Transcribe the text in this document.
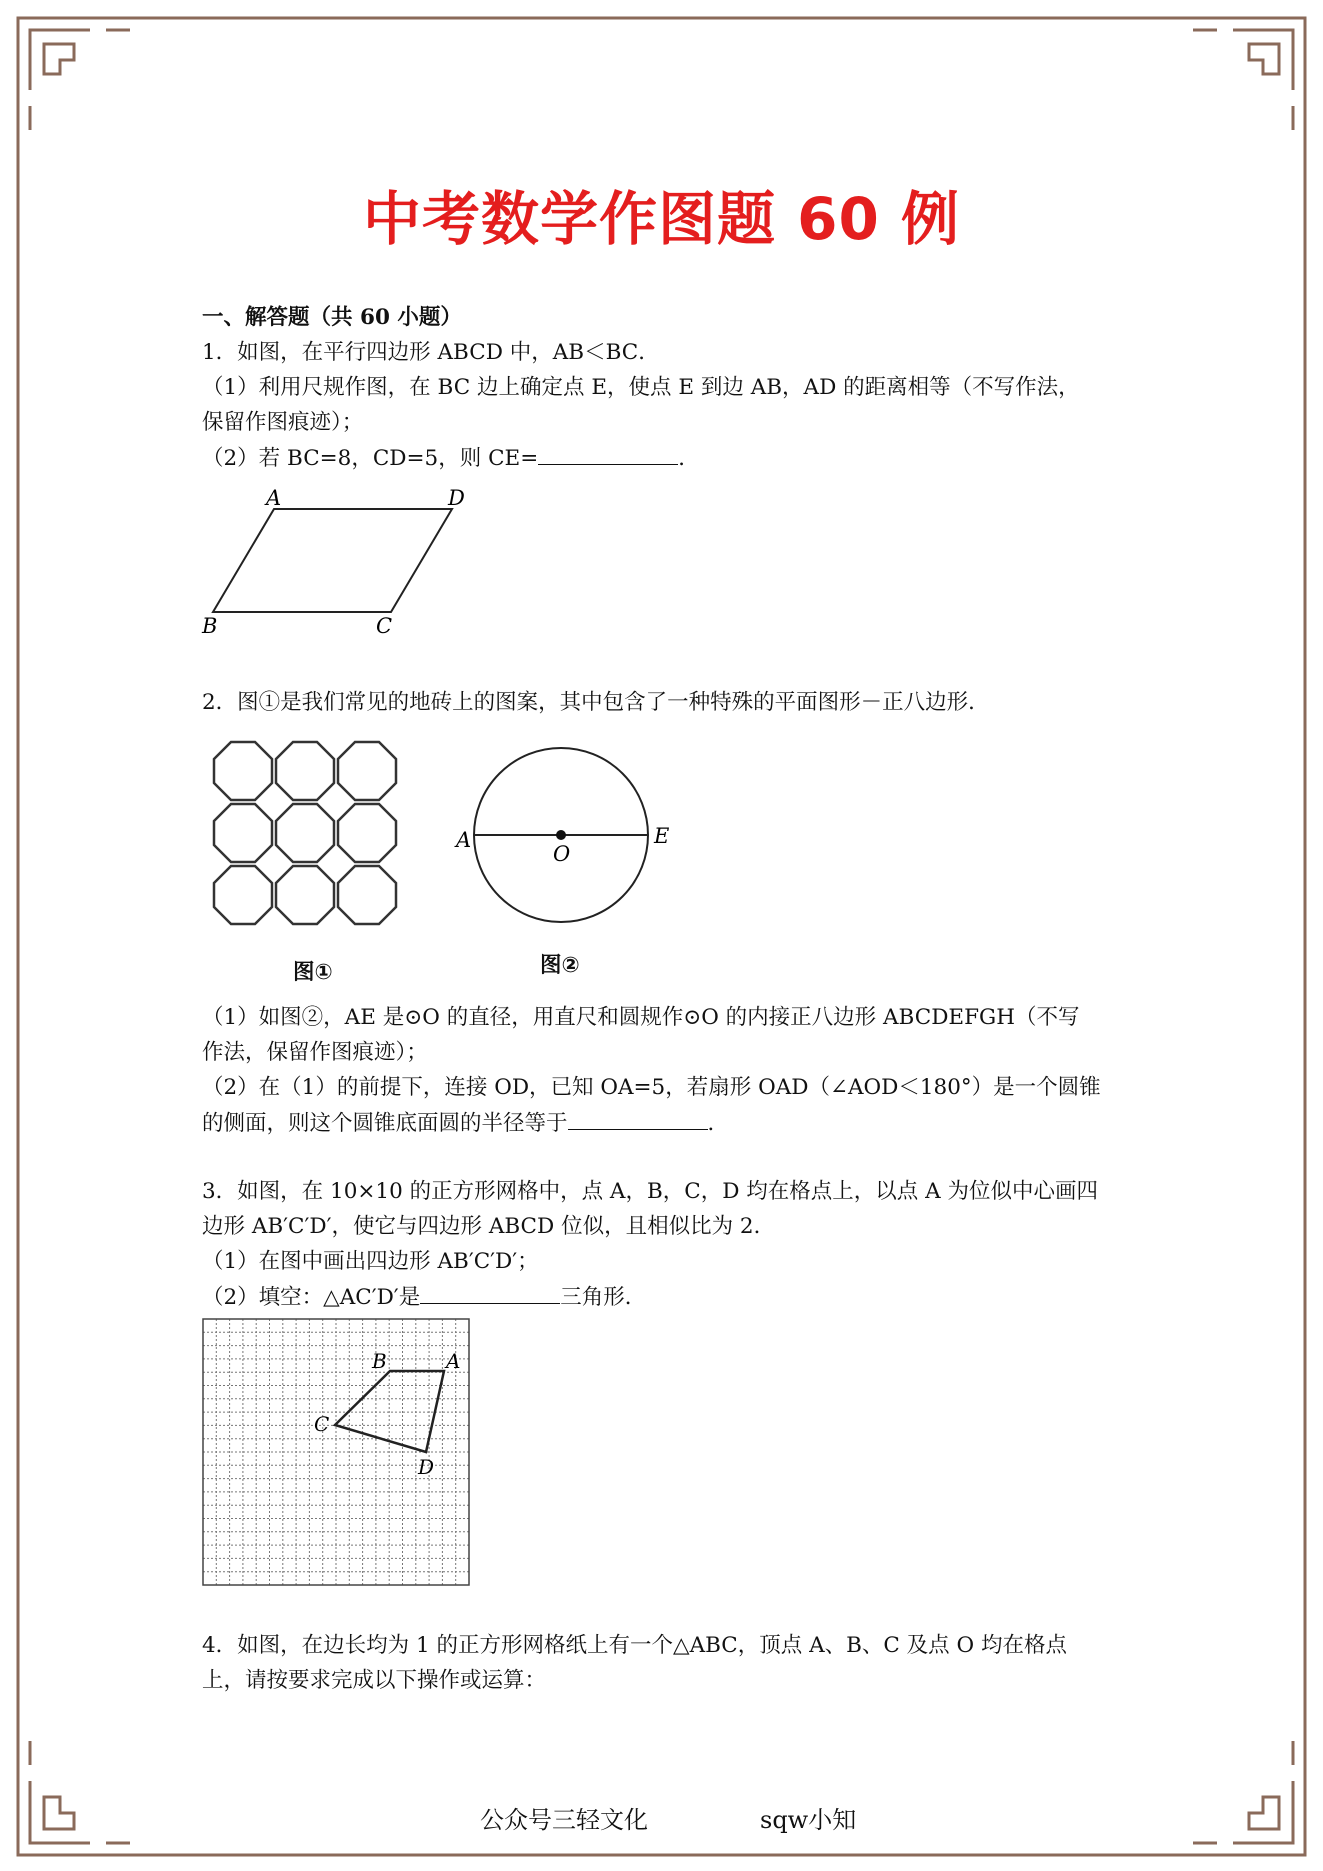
中考数学作图题 60 例
一、解答题（共 60 小题）
1．如图，在平行四边形 ABCD 中，AB＜BC．
（1）利用尺规作图，在 BC 边上确定点 E，使点 E 到边 AB，AD 的距离相等（不写作法，
保留作图痕迹）；
（2）若 BC=8，CD=5，则 CE=	．
A	D
B	C
2．图①是我们常见的地砖上的图案，其中包含了一种特殊的平面图形－正八边形．
图①
A
O
E
图②
（1）如图②，AE 是⊙O 的直径，用直尺和圆规作⊙O 的内接正八边形 ABCDEFGH（不写
作法，保留作图痕迹）；
（2）在（1）的前提下，连接 OD，已知 OA=5，若扇形 OAD（∠AOD＜180°）是一个圆锥
的侧面，则这个圆锥底面圆的半径等于	．
3．如图，在 10×10 的正方形网格中，点 A，B，C，D 均在格点上，以点 A 为位似中心画四
边形 AB′C′D′，使它与四边形 ABCD 位似，且相似比为 2．
（1）在图中画出四边形 AB′C′D′；
（2）填空：△AC′D′是	三角形．
A
B
C
D
4．如图，在边长均为 1 的正方形网格纸上有一个△ABC，顶点 A、B、C 及点 O 均在格点
上，请按要求完成以下操作或运算：
公众号三轻文化	sqw小知
